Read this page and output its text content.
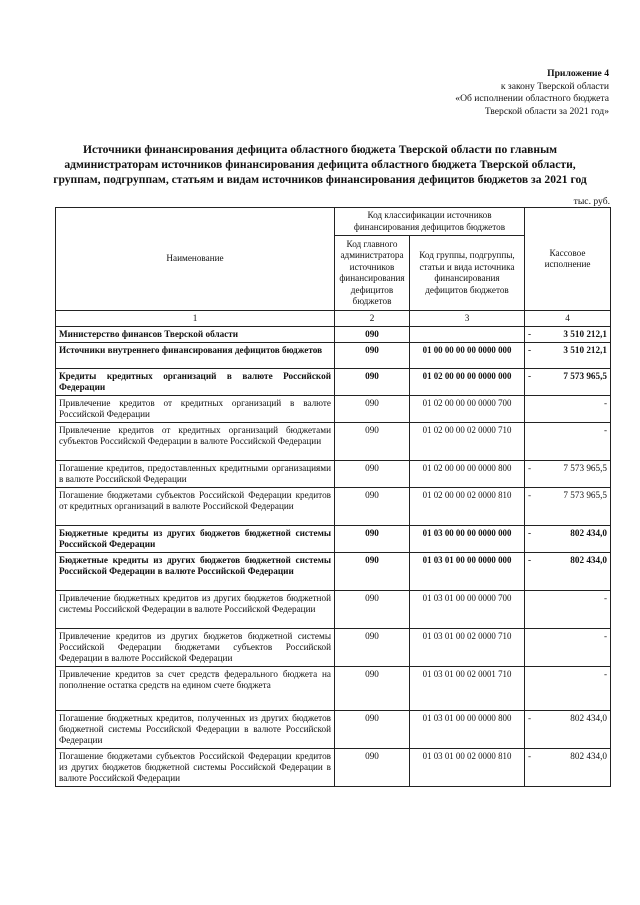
Приложение 4
к закону Тверской области
«Об исполнении областного бюджета
Тверской области за 2021 год»
Источники финансирования дефицита областного бюджета Тверской области по главным администраторам источников финансирования дефицита областного бюджета Тверской области, группам, подгруппам, статьям и видам источников финансирования дефицитов бюджетов за 2021 год
тыс. руб.
Наименование	Код классификации источников финансирования дефицитов бюджетов		Кассовое исполнение
	Код главного администратора источников финансирования дефицитов бюджетов	Код группы, подгруппы, статьи и вида источника финансирования дефицитов бюджетов	
1	2	3	4
Министерство финансов Тверской области	090		- 3 510 212,1
Источники внутреннего финансирования дефицитов бюджетов	090	01 00 00 00 00 0000 000	- 3 510 212,1
Кредиты кредитных организаций в валюте Российской Федерации	090	01 02 00 00 00 0000 000	- 7 573 965,5
Привлечение кредитов от кредитных организаций в валюте Российской Федерации	090	01 02 00 00 00 0000 700	-
Привлечение кредитов от кредитных организаций бюджетами субъектов Российской Федерации в валюте Российской Федерации	090	01 02 00 00 02 0000 710	-
Погашение кредитов, предоставленных кредитными организациями в валюте Российской Федерации	090	01 02 00 00 00 0000 800	- 7 573 965,5
Погашение бюджетами субъектов Российской Федерации кредитов от кредитных организаций в валюте Российской Федерации	090	01 02 00 00 02 0000 810	- 7 573 965,5
Бюджетные кредиты из других бюджетов бюджетной системы Российской Федерации	090	01 03 00 00 00 0000 000	- 802 434,0
Бюджетные кредиты из других бюджетов бюджетной системы Российской Федерации в валюте Российской Федерации	090	01 03 01 00 00 0000 000	- 802 434,0
Привлечение бюджетных кредитов из других бюджетов бюджетной системы Российской Федерации в валюте Российской Федерации	090	01 03 01 00 00 0000 700	-
Привлечение кредитов из других бюджетов бюджетной системы Российской Федерации бюджетами субъектов Российской Федерации в валюте Российской Федерации	090	01 03 01 00 02 0000 710	-
Привлечение кредитов за счет средств федерального бюджета на пополнение остатка средств на едином счете бюджета	090	01 03 01 00 02 0001 710	-
Погашение бюджетных кредитов, полученных из других бюджетов бюджетной системы Российской Федерации в валюте Российской Федерации	090	01 03 01 00 00 0000 800	- 802 434,0
Погашение бюджетами субъектов Российской Федерации кредитов из других бюджетов бюджетной системы Российской Федерации в валюте Российской Федерации	090	01 03 01 00 02 0000 810	- 802 434,0
